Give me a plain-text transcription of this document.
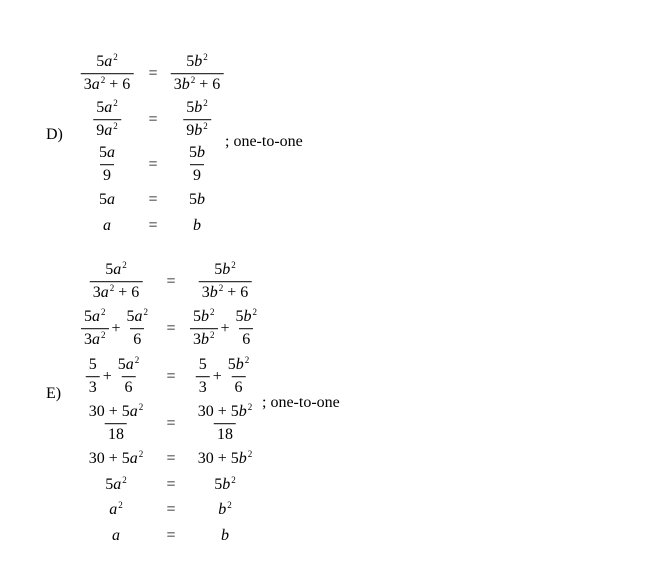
D)	; one-to-one
$\frac{5a^2}{3a^2 + 6} = \frac{5b^2}{3b^2 + 6}$
$\frac{5a^2}{9a^2} = \frac{5b^2}{9b^2}$
$\frac{5a}{9} = \frac{5b}{9}$
5a = 5b
a = b
E)
; one-to-one
$\frac{5a^2}{3a^2 + 6} = \frac{5b^2}{3b^2 + 6}$
$\frac{5a^2}{3a^2} + \frac{5a^2}{6} = \frac{5b^2}{3b^2} + \frac{5b^2}{6}$
$\frac{5}{3} + \frac{5a^2}{6} = \frac{5}{3} + \frac{5b^2}{6}$
$\frac{30 + 5a^2}{18} = \frac{30 + 5b^2}{18}$
$30 + 5a^2 = 30 + 5b^2$
$5a^2 = 5b^2$
$a^2$	=	$b^2$
a	=	b
